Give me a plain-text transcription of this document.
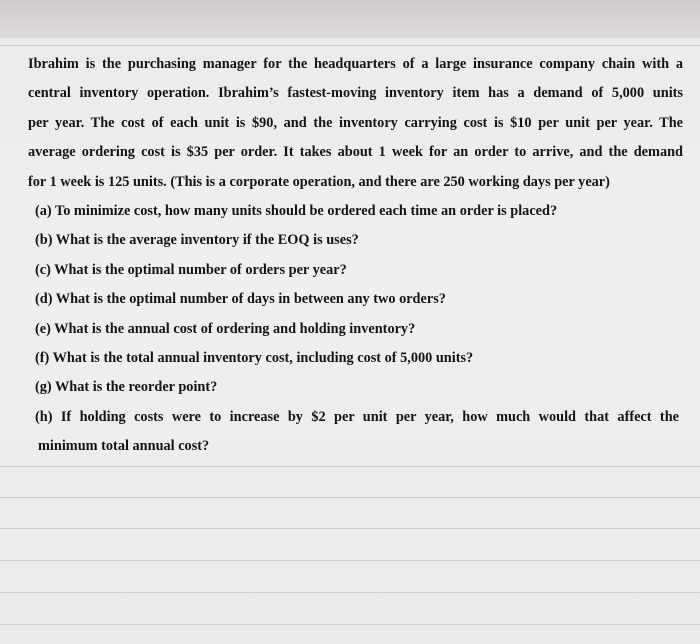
Ibrahim is the purchasing manager for the headquarters of a large insurance company chain with a
central inventory operation. Ibrahim’s fastest-moving inventory item has a demand of 5,000 units
per year. The cost of each unit is $90, and the inventory carrying cost is $10 per unit per year. The
average ordering cost is $35 per order. It takes about 1 week for an order to arrive, and the demand
for 1 week is 125 units. (This is a corporate operation, and there are 250 working days per year)
(a) To minimize cost, how many units should be ordered each time an order is placed?
(b) What is the average inventory if the EOQ is uses?
(c) What is the optimal number of orders per year?
(d) What is the optimal number of days in between any two orders?
(e) What is the annual cost of ordering and holding inventory?
(f) What is the total annual inventory cost, including cost of 5,000 units?
(g) What is the reorder point?
(h) If holding costs were to increase by $2 per unit per year, how much would that affect the
minimum total annual cost?
